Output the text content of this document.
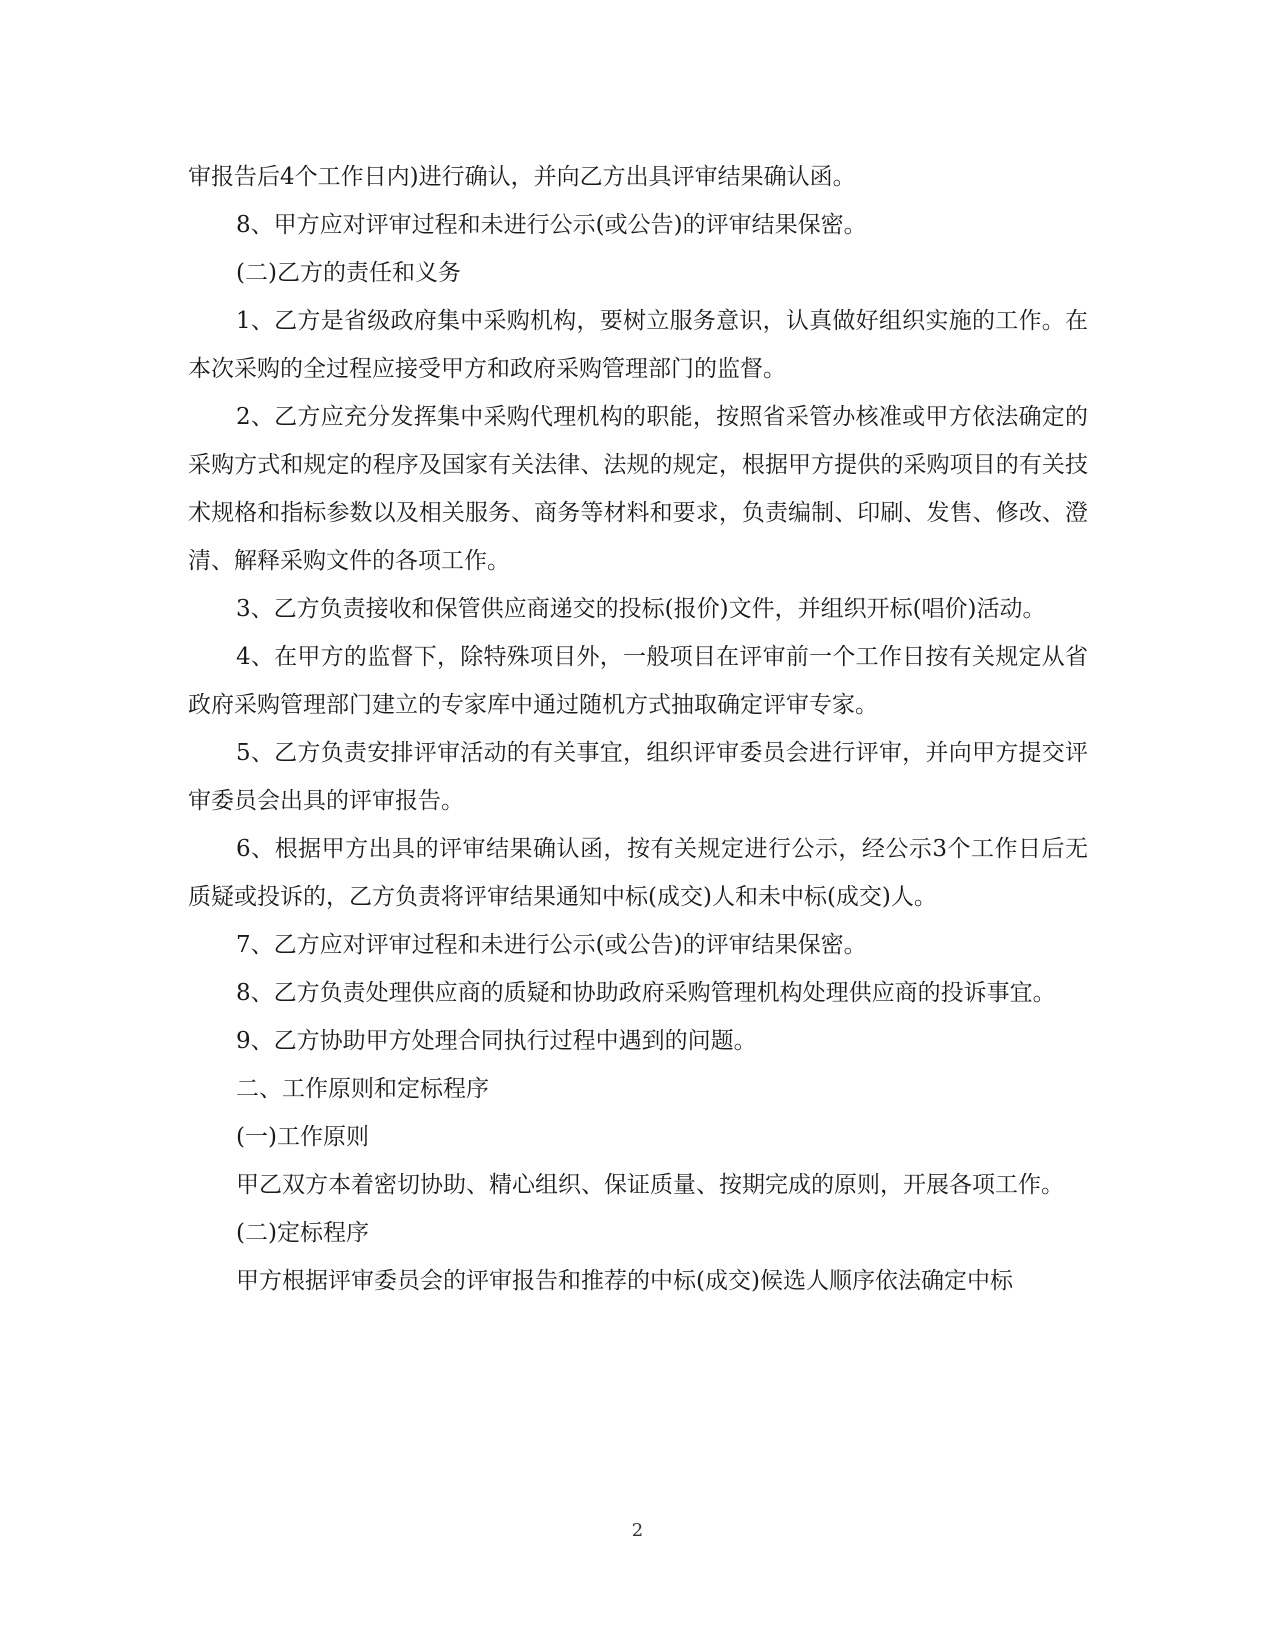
审报告后4个工作日内)进行确认，并向乙方出具评审结果确认函。

8、甲方应对评审过程和未进行公示(或公告)的评审结果保密。

(二)乙方的责任和义务

1、乙方是省级政府集中采购机构，要树立服务意识，认真做好组织实施的工作。在本次采购的全过程应接受甲方和政府采购管理部门的监督。

2、乙方应充分发挥集中采购代理机构的职能，按照省采管办核准或甲方依法确定的采购方式和规定的程序及国家有关法律、法规的规定，根据甲方提供的采购项目的有关技术规格和指标参数以及相关服务、商务等材料和要求，负责编制、印刷、发售、修改、澄清、解释采购文件的各项工作。

3、乙方负责接收和保管供应商递交的投标(报价)文件，并组织开标(唱价)活动。

4、在甲方的监督下，除特殊项目外，一般项目在评审前一个工作日按有关规定从省政府采购管理部门建立的专家库中通过随机方式抽取确定评审专家。

5、乙方负责安排评审活动的有关事宜，组织评审委员会进行评审，并向甲方提交评审委员会出具的评审报告。

6、根据甲方出具的评审结果确认函，按有关规定进行公示，经公示3个工作日后无质疑或投诉的，乙方负责将评审结果通知中标(成交)人和未中标(成交)人。

7、乙方应对评审过程和未进行公示(或公告)的评审结果保密。

8、乙方负责处理供应商的质疑和协助政府采购管理机构处理供应商的投诉事宜。

9、乙方协助甲方处理合同执行过程中遇到的问题。

二、工作原则和定标程序

(一)工作原则

甲乙双方本着密切协助、精心组织、保证质量、按期完成的原则，开展各项工作。

(二)定标程序

甲方根据评审委员会的评审报告和推荐的中标(成交)候选人顺序依法确定中标

2
